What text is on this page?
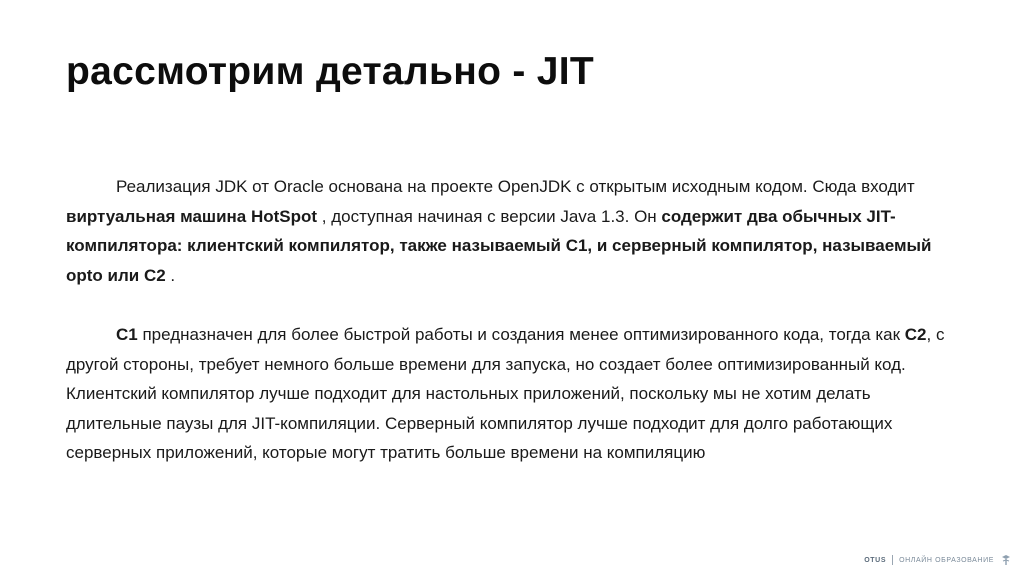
рассмотрим детально - JIT

Реализация JDK от Oracle основана на проекте OpenJDK с открытым исходным кодом. Сюда входит виртуальная машина HotSpot , доступная начиная с версии Java 1.3. Он содержит два обычных JIT-компилятора: клиентский компилятор, также называемый С1, и серверный компилятор, называемый opto или С2 .

C1 предназначен для более быстрой работы и создания менее оптимизированного кода, тогда как C2, с другой стороны, требует немного больше времени для запуска, но создает более оптимизированный код. Клиентский компилятор лучше подходит для настольных приложений, поскольку мы не хотим делать длительные паузы для JIT-компиляции. Серверный компилятор лучше подходит для долго работающих серверных приложений, которые могут тратить больше времени на компиляцию

OTUS ОНЛАЙН ОБРАЗОВАНИЕ
